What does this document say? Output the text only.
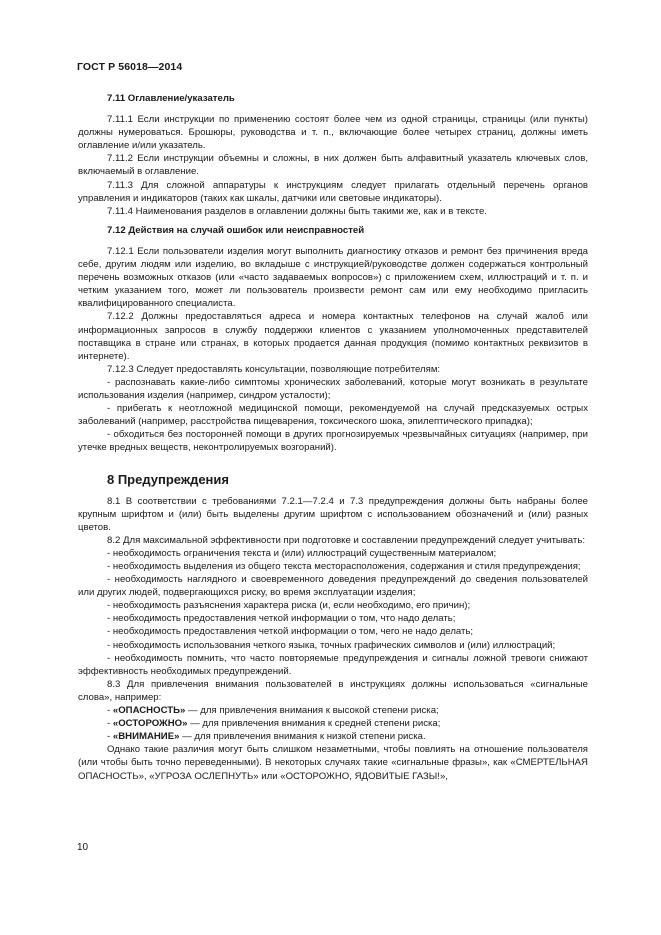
ГОСТ Р 56018—2014
7.11 Оглавление/указатель

7.11.1 Если инструкции по применению состоят более чем из одной страницы, страницы (или пункты) должны нумероваться. Брошюры, руководства и т. п., включающие более четырех страниц, должны иметь оглавление и/или указатель.

7.11.2 Если инструкции объемны и сложны, в них должен быть алфавитный указатель ключевых слов, включаемый в оглавление.

7.11.3 Для сложной аппаратуры к инструкциям следует прилагать отдельный перечень органов управления и индикаторов (таких как шкалы, датчики или световые индикаторы).

7.11.4 Наименования разделов в оглавлении должны быть такими же, как и в тексте.

7.12 Действия на случай ошибок или неисправностей

7.12.1 Если пользователи изделия могут выполнить диагностику отказов и ремонт без причинения вреда себе, другим людям или изделию, во вкладыше с инструкцией/руководстве должен содержаться контрольный перечень возможных отказов (или «часто задаваемых вопросов») с приложением схем, иллюстраций и т. п. и четким указанием того, может ли пользователь произвести ремонт сам или ему необходимо пригласить квалифицированного специалиста.

7.12.2 Должны предоставляться адреса и номера контактных телефонов на случай жалоб или информационных запросов в службу поддержки клиентов с указанием уполномоченных представителей поставщика в стране или странах, в которых продается данная продукция (помимо контактных реквизитов в интернете).

7.12.3 Следует предоставлять консультации, позволяющие потребителям:

- распознавать какие-либо симптомы хронических заболеваний, которые могут возникать в результате использования изделия (например, синдром усталости);

- прибегать к неотложной медицинской помощи, рекомендуемой на случай предсказуемых острых заболеваний (например, расстройства пищеварения, токсического шока, эпилептического припадка);

- обходиться без посторонней помощи в других прогнозируемых чрезвычайных ситуациях (например, при утечке вредных веществ, неконтролируемых возгораний).

8 Предупреждения

8.1 В соответствии с требованиями 7.2.1—7.2.4 и 7.3 предупреждения должны быть набраны более крупным шрифтом и (или) быть выделены другим шрифтом с использованием обозначений и (или) разных цветов.

8.2 Для максимальной эффективности при подготовке и составлении предупреждений следует учитывать:

- необходимость ограничения текста и (или) иллюстраций существенным материалом;

- необходимость выделения из общего текста месторасположения, содержания и стиля предупреждения;

- необходимость наглядного и своевременного доведения предупреждений до сведения пользователей или других людей, подвергающихся риску, во время эксплуатации изделия;

- необходимость разъяснения характера риска (и, если необходимо, его причин);

- необходимость предоставления четкой информации о том, что надо делать;

- необходимость предоставления четкой информации о том, чего не надо делать;

- необходимость использования четкого языка, точных графических символов и (или) иллюстраций;

- необходимость помнить, что часто повторяемые предупреждения и сигналы ложной тревоги снижают эффективность необходимых предупреждений.

8.3 Для привлечения внимания пользователей в инструкциях должны использоваться «сигнальные слова», например:

- «ОПАСНОСТЬ» — для привлечения внимания к высокой степени риска;

- «ОСТОРОЖНО» — для привлечения внимания к средней степени риска;

- «ВНИМАНИЕ» — для привлечения внимания к низкой степени риска.

Однако такие различия могут быть слишком незаметными, чтобы повлиять на отношение пользователя (или чтобы быть точно переведенными). В некоторых случаях такие «сигнальные фразы», как «СМЕРТЕЛЬНАЯ ОПАСНОСТЬ», «УГРОЗА ОСЛЕПНУТЬ» или «ОСТОРОЖНО, ЯДОВИТЫЕ ГАЗЫ!»,

10
